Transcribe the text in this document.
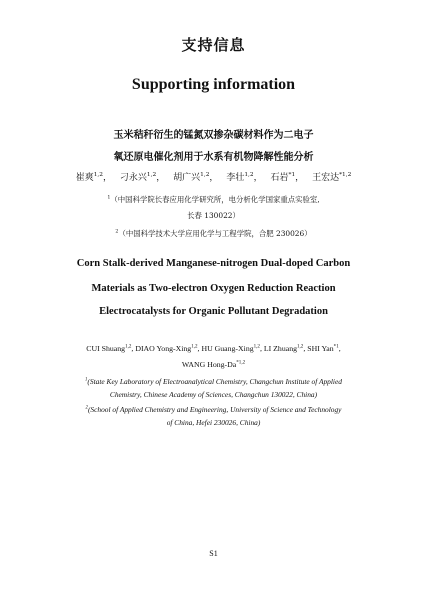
支持信息
Supporting information
玉米秸秆衍生的锰氮双掺杂碳材料作为二电子
氧还原电催化剂用于水系有机物降解性能分析
崔爽$^{1,2}$， 刁永兴$^{1,2}$， 胡广兴$^{1,2}$， 李壮$^{1,2}$， 石岩$^{*1}$， 王宏达$^{*1,2}$
$^1$（中国科学院长春应用化学研究所，电分析化学国家重点实验室,
长春 130022）
$^2$（中国科学技术大学应用化学与工程学院，合肥 230026）
Corn Stalk-derived Manganese-nitrogen Dual-doped Carbon
Materials as Two-electron Oxygen Reduction Reaction
Electrocatalysts for Organic Pollutant Degradation
CUI Shuang$^{1,2}$, DIAO Yong-Xing$^{1,2}$, HU Guang-Xing$^{1,2}$, LI Zhuang$^{1,2}$, SHI Yan$^{*1}$,
WANG Hong-Da$^{*1,2}$
$^1$(State Key Laboratory of Electroanalytical Chemistry, Changchun Institute of Applied
Chemistry, Chinese Academy of Sciences, Changchun 130022, China)
$^2$(School of Applied Chemistry and Engineering, University of Science and Technology
of China, Hefei 230026, China)
S1
